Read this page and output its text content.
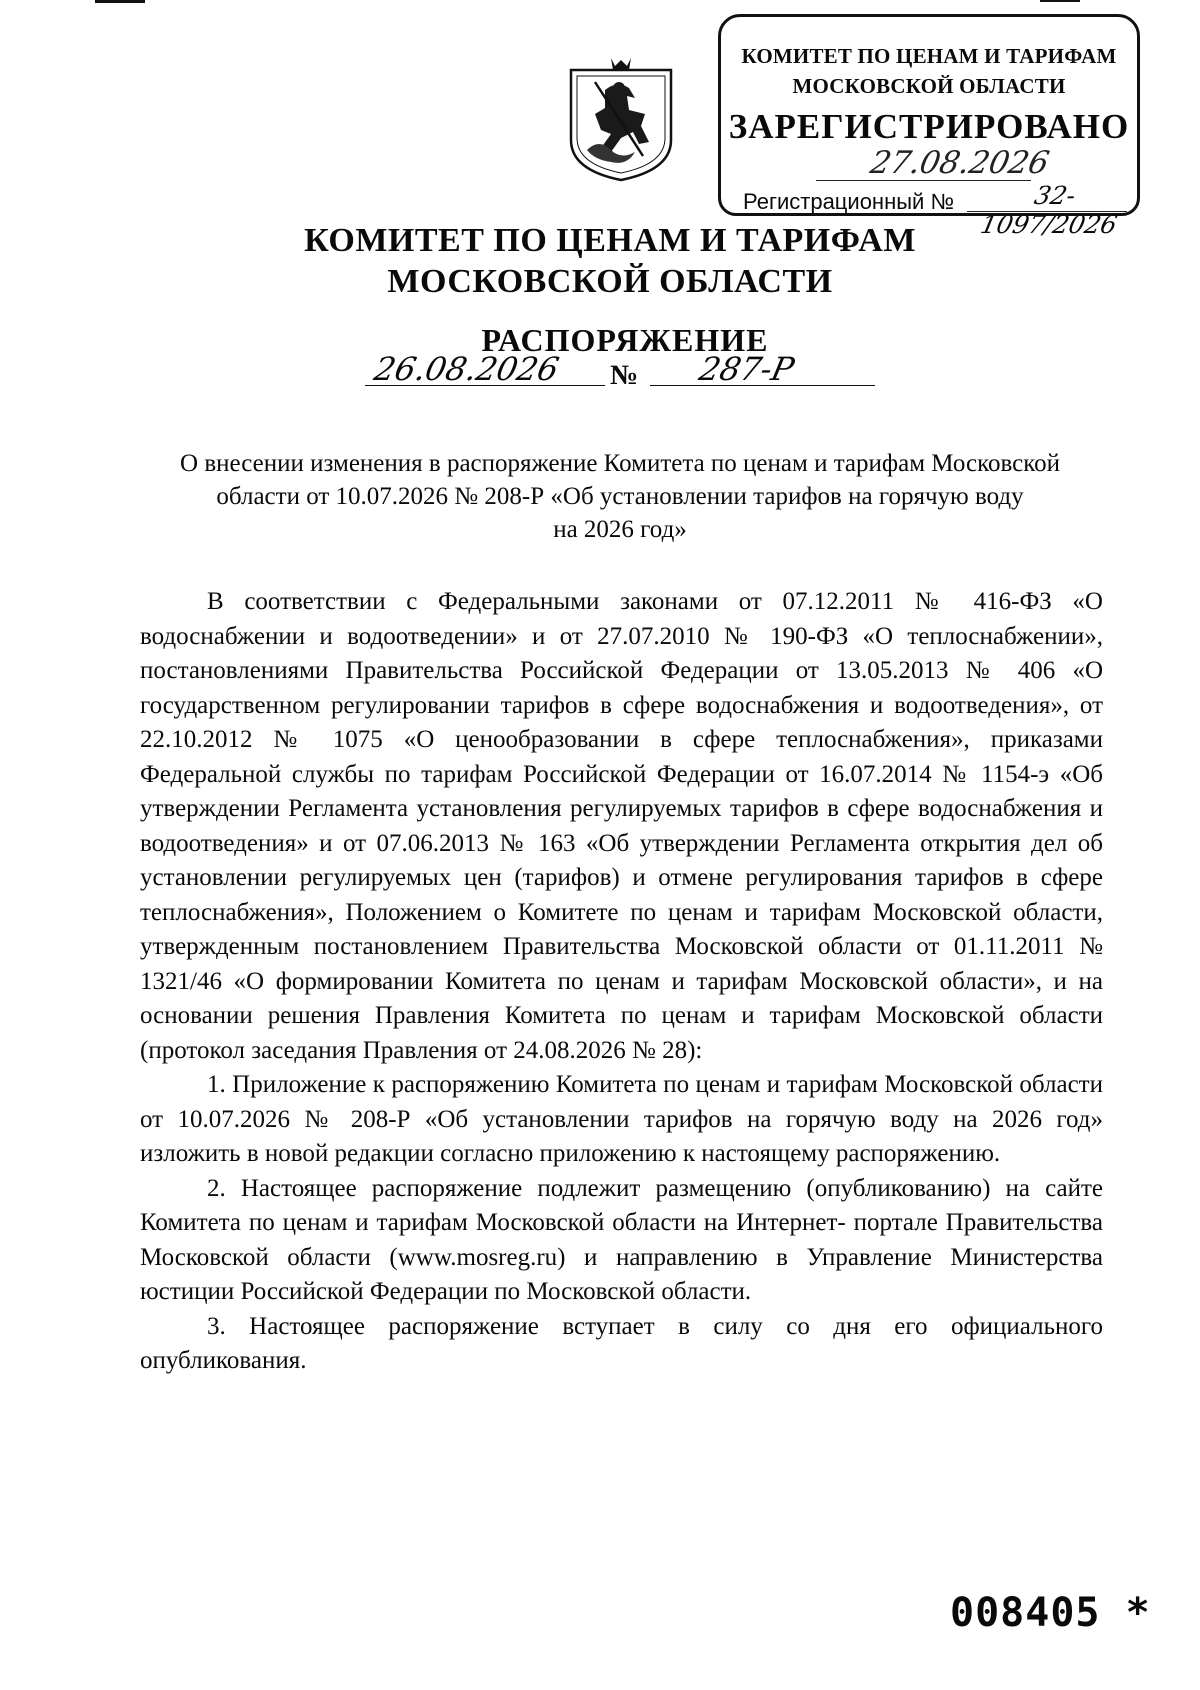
КОМИТЕТ ПО ЦЕНАМ И ТАРИФАМ
МОСКОВСКОЙ ОБЛАСТИ
ЗАРЕГИСТРИРОВАНО
27.08.2026
Регистрационный №	32-1097/2026
КОМИТЕТ ПО ЦЕНАМ И ТАРИФАМ
МОСКОВСКОЙ ОБЛАСТИ
РАСПОРЯЖЕНИЕ
26.08.2026 № 287-Р
О внесении изменения в распоряжение Комитета по ценам и тарифам Московской
области от 10.07.2026 № 208-Р «Об установлении тарифов на горячую воду
на 2026 год»

В соответствии с Федеральными законами от 07.12.2011 № 416-ФЗ «О водоснабжении и водоотведении» и от 27.07.2010 № 190-ФЗ «О теплоснабжении», постановлениями Правительства Российской Федерации от 13.05.2013 № 406 «О государственном регулировании тарифов в сфере водоснабжения и водоотведения», от 22.10.2012 № 1075 «О ценообразовании в сфере теплоснабжения», приказами Федеральной службы по тарифам Российской Федерации от 16.07.2014 № 1154-э «Об утверждении Регламента установления регулируемых тарифов в сфере водоснабжения и водоотведения» и от 07.06.2013 № 163 «Об утверждении Регламента открытия дел об установлении регулируемых цен (тарифов) и отмене регулирования тарифов в сфере теплоснабжения», Положением о Комитете по ценам и тарифам Московской области, утвержденным постановлением Правительства Московской области от 01.11.2011 № 1321/46 «О формировании Комитета по ценам и тарифам Московской области», и на основании решения Правления Комитета по ценам и тарифам Московской области (протокол заседания Правления от 24.08.2026 № 28):

1. Приложение к распоряжению Комитета по ценам и тарифам Московской области от 10.07.2026 № 208-Р «Об установлении тарифов на горячую воду на 2026 год» изложить в новой редакции согласно приложению к настоящему распоряжению.

2. Настоящее распоряжение подлежит размещению (опубликованию) на сайте Комитета по ценам и тарифам Московской области на Интернет- портале Правительства Московской области (www.mosreg.ru) и направлению в Управление Министерства юстиции Российской Федерации по Московской области.

3. Настоящее распоряжение вступает в силу со дня его официального опубликования.

008405 *
